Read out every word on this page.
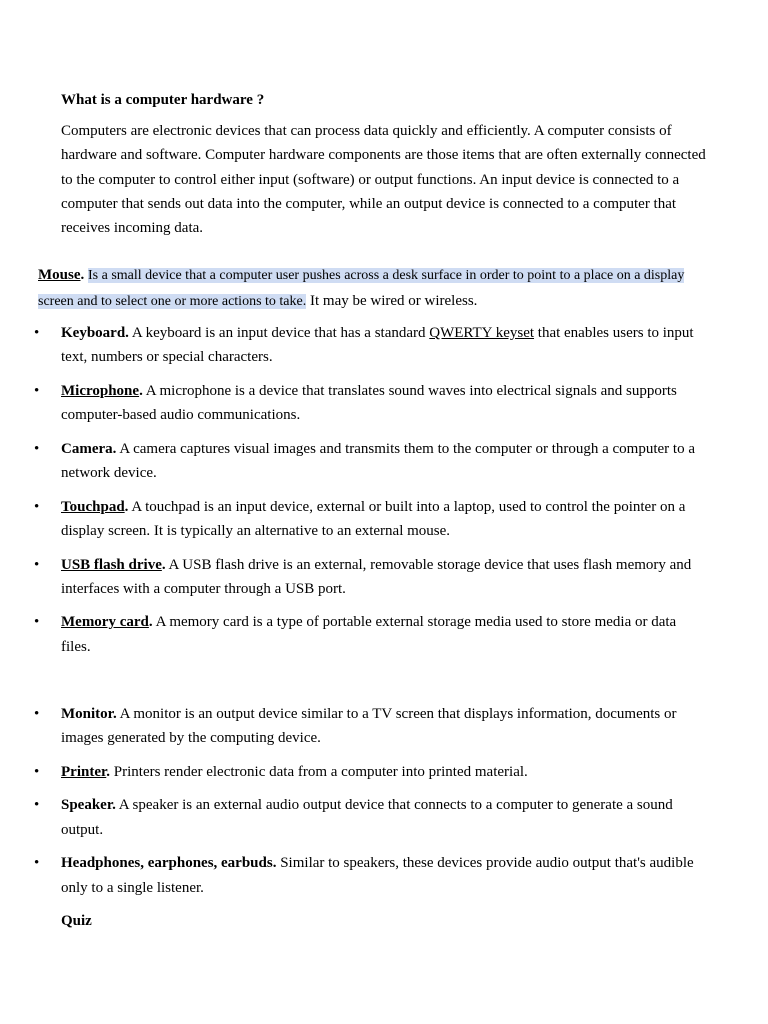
What is a computer hardware ?
Computers are electronic devices that can process data quickly and efficiently. A computer consists of hardware and software. Computer hardware components are those items that are often externally connected to the computer to control either input (software) or output functions. An input device is connected to a computer that sends out data into the computer, while an output device is connected to a computer that receives incoming data.
Mouse. Is a small device that a computer user pushes across a desk surface in order to point to a place on a display screen and to select one or more actions to take. It may be wired or wireless.
• Keyboard. A keyboard is an input device that has a standard QWERTY keyset that enables users to input text, numbers or special characters.
• Microphone. A microphone is a device that translates sound waves into electrical signals and supports computer-based audio communications.
• Camera. A camera captures visual images and transmits them to the computer or through a computer to a network device.
• Touchpad. A touchpad is an input device, external or built into a laptop, used to control the pointer on a display screen. It is typically an alternative to an external mouse.
• USB flash drive. A USB flash drive is an external, removable storage device that uses flash memory and interfaces with a computer through a USB port.
• Memory card. A memory card is a type of portable external storage media used to store media or data files.
• Monitor. A monitor is an output device similar to a TV screen that displays information, documents or images generated by the computing device.
• Printer. Printers render electronic data from a computer into printed material.
• Speaker. A speaker is an external audio output device that connects to a computer to generate a sound output.
• Headphones, earphones, earbuds. Similar to speakers, these devices provide audio output that's audible only to a single listener.
Quiz
